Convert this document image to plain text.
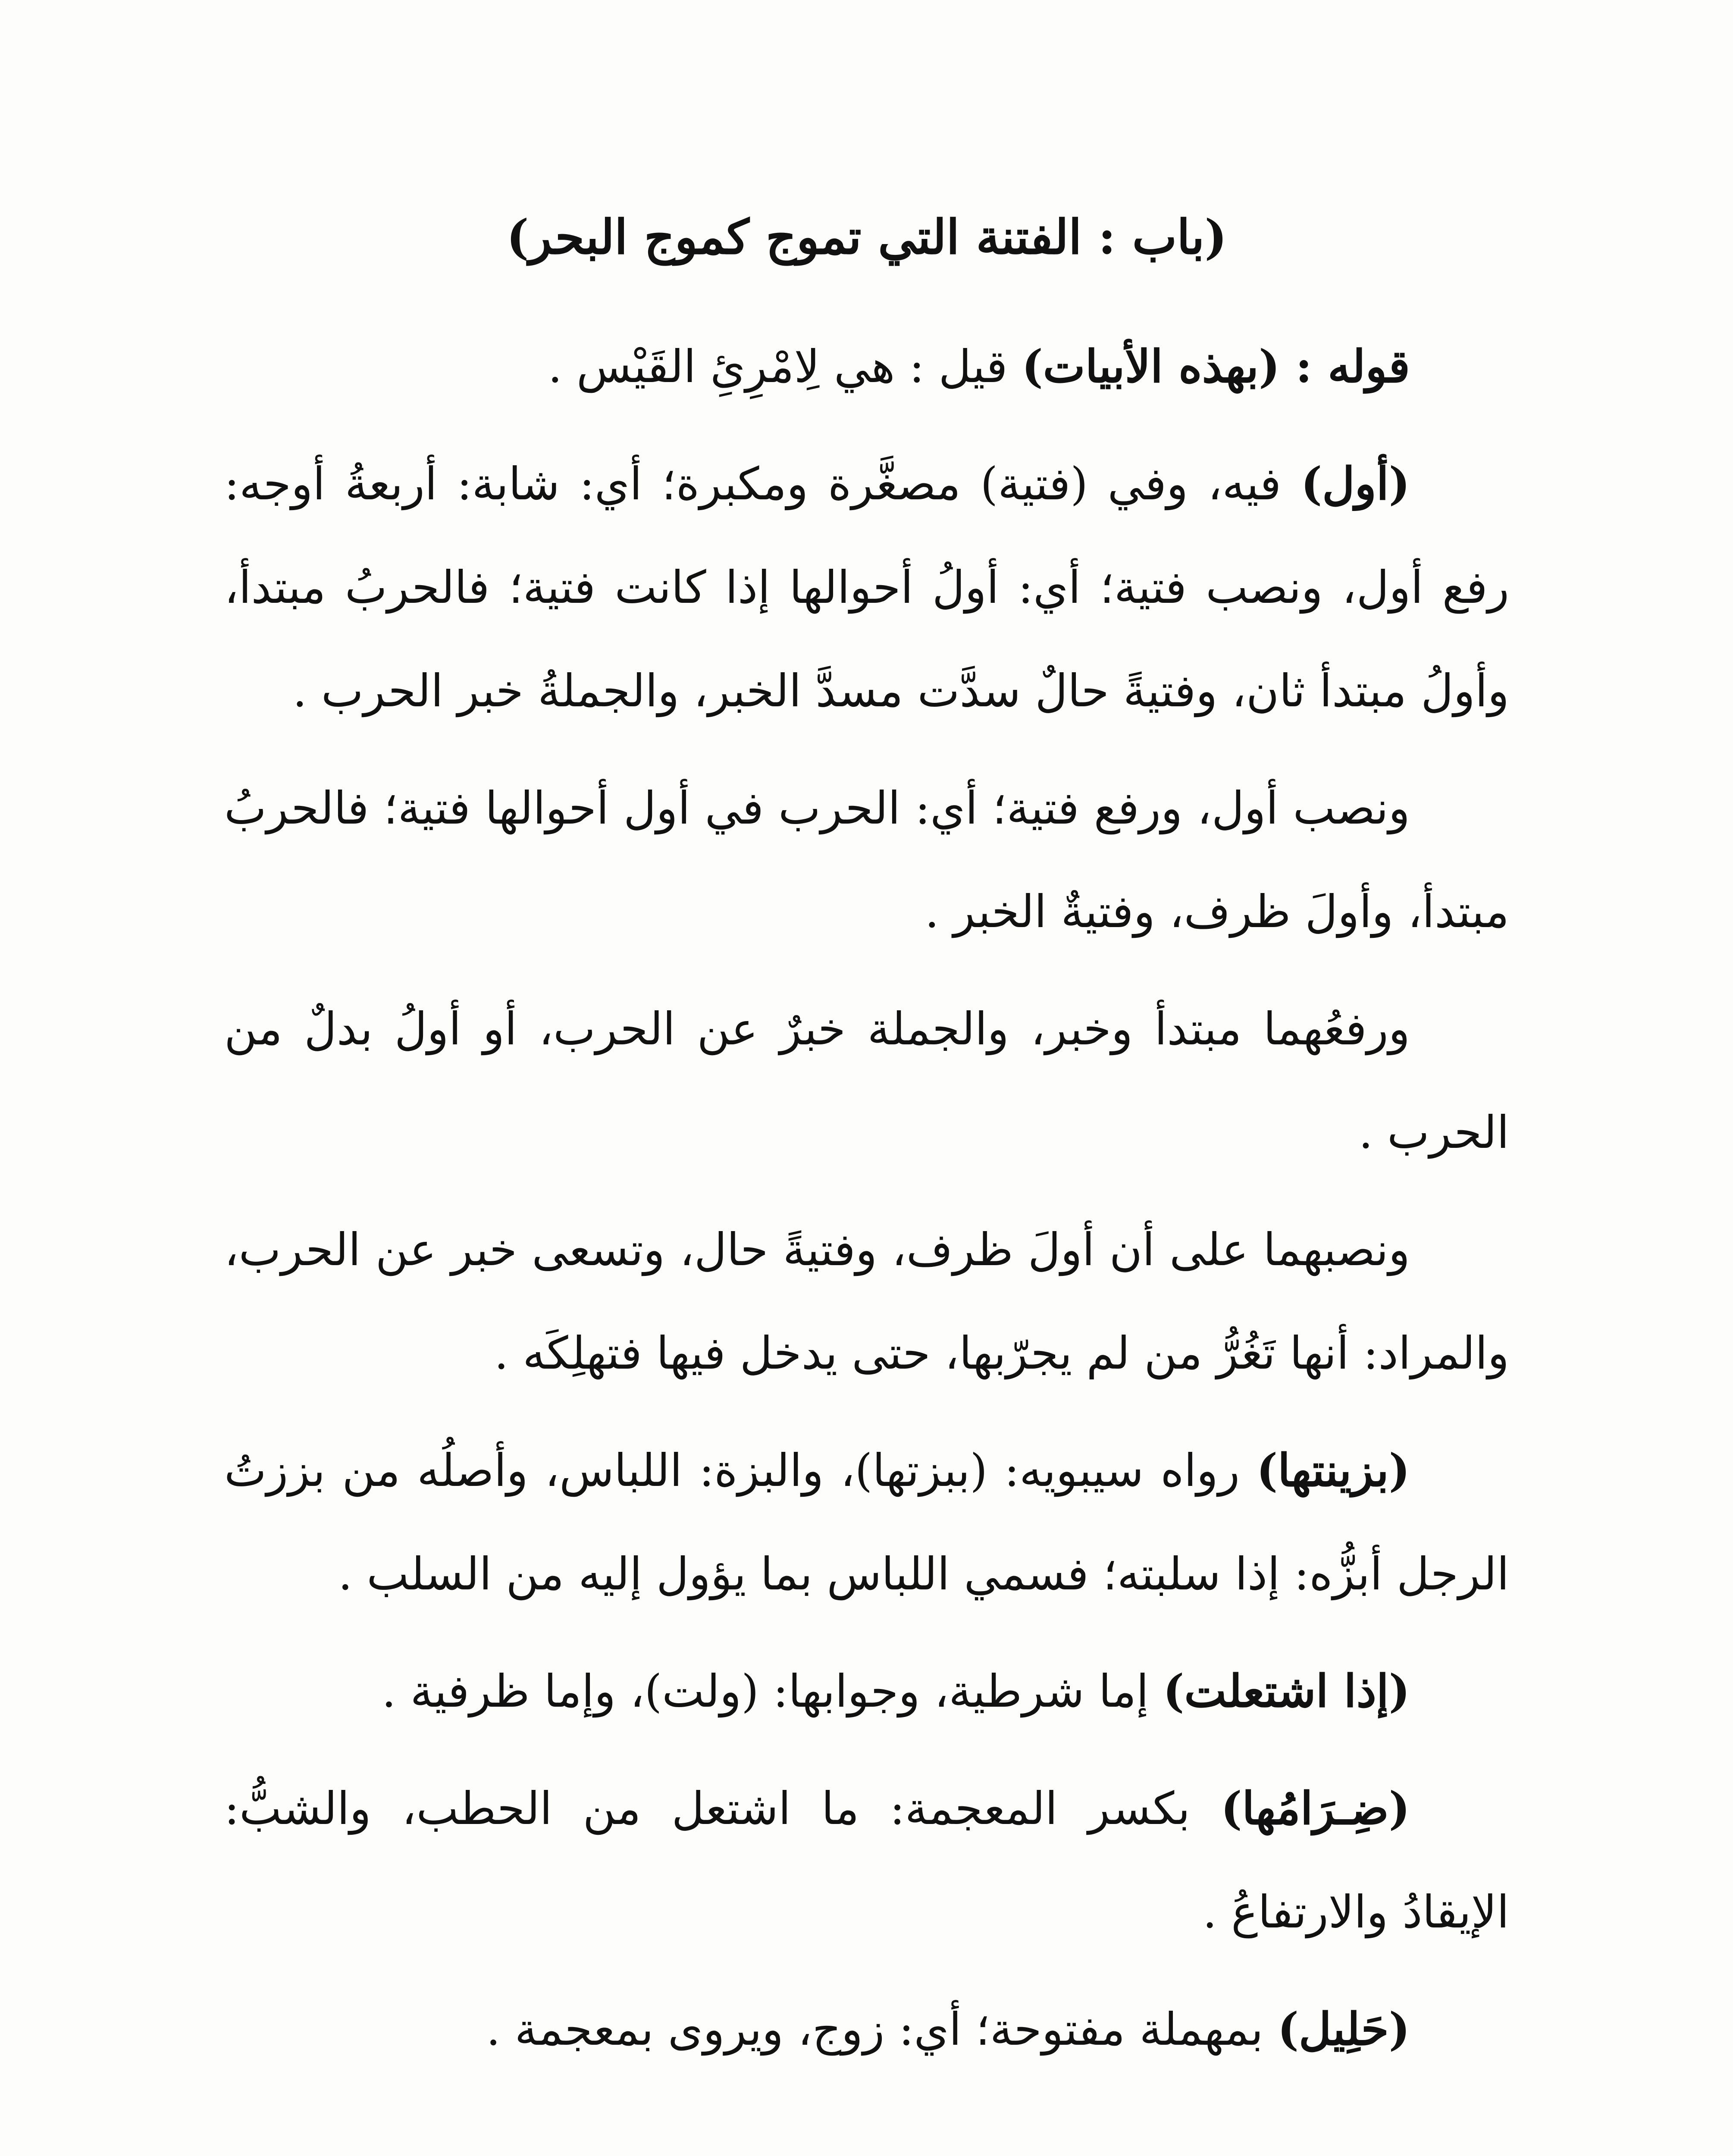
(باب : الفتنة التي تموج كموج البحر)

قوله : (بهذه الأبيات) قيل : هي لِامْرِئِ القَيْس .

(أول) فيه، وفي (فتية) مصغَّرة ومكبرة؛ أي: شابة: أربعةُ أوجه: رفع أول، ونصب فتية؛ أي: أولُ أحوالها إذا كانت فتية؛ فالحربُ مبتدأ، وأولُ مبتدأ ثان، وفتيةً حالٌ سدَّت مسدَّ الخبر، والجملةُ خبر الحرب .

ونصب أول، ورفع فتية؛ أي: الحرب في أول أحوالها فتية؛ فالحربُ مبتدأ، وأولَ ظرف، وفتيةٌ الخبر .

ورفعُهما مبتدأ وخبر، والجملة خبرٌ عن الحرب، أو أولُ بدلٌ من الحرب .

ونصبهما على أن أولَ ظرف، وفتيةً حال، وتسعى خبر عن الحرب، والمراد: أنها تَغُرُّ من لم يجرّبها، حتى يدخل فيها فتهلِكَه .

(بزينتها) رواه سيبويه: (ببزتها)، والبزة: اللباس، وأصلُه من بززتُ الرجل أبزُّه: إذا سلبته؛ فسمي اللباس بما يؤول إليه من السلب .

(إذا اشتعلت) إما شرطية، وجوابها: (ولت)، وإما ظرفية .

(ضِـرَامُها) بكسر المعجمة: ما اشتعل من الحطب، والشبُّ: الإيقادُ والارتفاعُ .

(حَلِيل) بمهملة مفتوحة؛ أي: زوج، ويروى بمعجمة .
